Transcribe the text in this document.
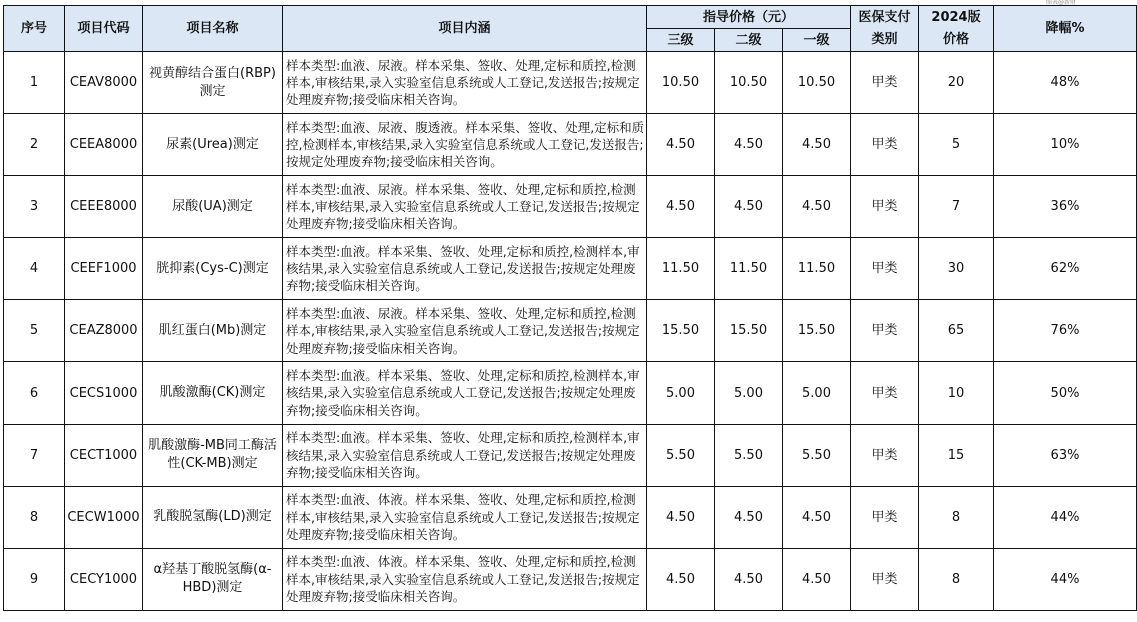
图表@新财
序号	项目代码	项目名称	项目内涵	指导价格（元）			医保支付	2024版	降幅%
				三级	二级	一级	类别	价格	
1	CEAV8000	视黄醇结合蛋白(RBP)测定	样本类型:血液、尿液。样本采集、签收、处理,定标和质控,检测样本,审核结果,录入实验室信息系统或人工登记,发送报告;按规定处理废弃物;接受临床相关咨询。	10.50	10.50	10.50	甲类	20	48%
2	CEEA8000	尿素(Urea)测定	样本类型:血液、尿液、腹透液。样本采集、签收、处理,定标和质控,检测样本,审核结果,录入实验室信息系统或人工登记,发送报告;按规定处理废弃物;接受临床相关咨询。	4.50	4.50	4.50	甲类	5	10%
3	CEEE8000	尿酸(UA)测定	样本类型:血液、尿液。样本采集、签收、处理,定标和质控,检测样本,审核结果,录入实验室信息系统或人工登记,发送报告;按规定处理废弃物;接受临床相关咨询。	4.50	4.50	4.50	甲类	7	36%
4	CEEF1000	胱抑素(Cys-C)测定	样本类型:血液。样本采集、签收、处理,定标和质控,检测样本,审核结果,录入实验室信息系统或人工登记,发送报告;按规定处理废弃物;接受临床相关咨询。	11.50	11.50	11.50	甲类	30	62%
5	CEAZ8000	肌红蛋白(Mb)测定	样本类型:血液、尿液。样本采集、签收、处理,定标和质控,检测样本,审核结果,录入实验室信息系统或人工登记,发送报告;按规定处理废弃物;接受临床相关咨询。	15.50	15.50	15.50	甲类	65	76%
6	CECS1000	肌酸激酶(CK)测定	样本类型:血液。样本采集、签收、处理,定标和质控,检测样本,审核结果,录入实验室信息系统或人工登记,发送报告;按规定处理废弃物;接受临床相关咨询。	5.00	5.00	5.00	甲类	10	50%
7	CECT1000	肌酸激酶-MB同工酶活性(CK-MB)测定	样本类型:血液。样本采集、签收、处理,定标和质控,检测样本,审核结果,录入实验室信息系统或人工登记,发送报告;按规定处理废弃物;接受临床相关咨询。	5.50	5.50	5.50	甲类	15	63%
8	CECW1000	乳酸脱氢酶(LD)测定	样本类型:血液、体液。样本采集、签收、处理,定标和质控,检测样本,审核结果,录入实验室信息系统或人工登记,发送报告;按规定处理废弃物;接受临床相关咨询。	4.50	4.50	4.50	甲类	8	44%
9	CECY1000	α羟基丁酸脱氢酶(α-HBD)测定	样本类型:血液、体液。样本采集、签收、处理,定标和质控,检测样本,审核结果,录入实验室信息系统或人工登记,发送报告;按规定处理废弃物;接受临床相关咨询。	4.50	4.50	4.50	甲类	8	44%
